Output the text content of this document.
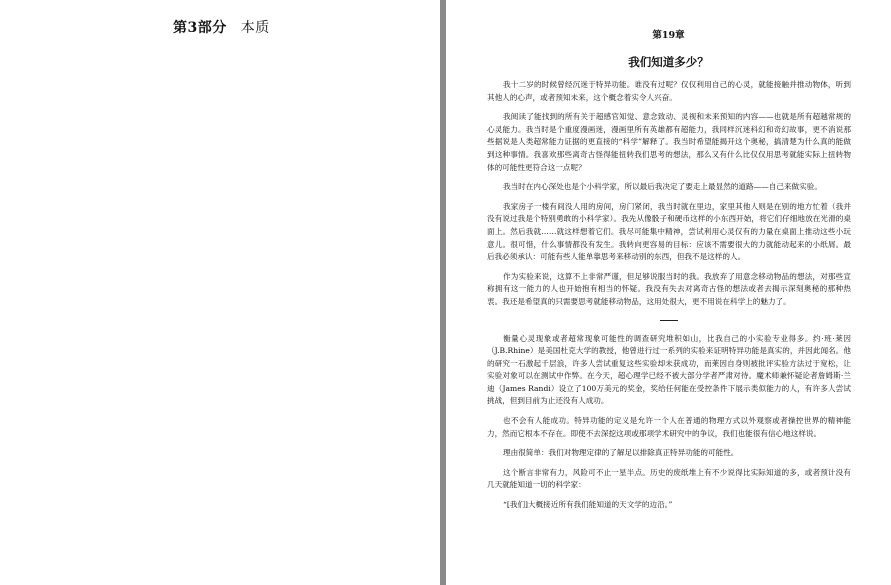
第3部分 本质	第19章
我们知道多少？

我十二岁的时候曾经沉迷于特异功能。谁没有过呢？仅仅利用自己的心灵，就能接触并推动物体，听到其他人的心声，或者预知未来，这个概念着实令人兴奋。

我阅读了能找到的所有关于超感官知觉、意念致动、灵视和未来预知的内容——也就是所有超越常规的心灵能力。我当时是个重度漫画迷，漫画里所有英雄都有超能力，我同样沉迷科幻和奇幻故事，更不消说那些据说是人类超常能力证据的更直接的“科学”解释了。我当时希望能揭开这个奥秘，搞清楚为什么真的能做到这种事情。我喜欢那些离奇古怪得能扭转我们思考的想法，那么又有什么比仅仅用思考就能实际上扭转物体的可能性更符合这一点呢？

我当时在内心深处也是个小科学家，所以最后我决定了要走上最显然的道路——自己来做实验。

我家房子一楼有间没人用的房间，房门紧闭，我当时就在里边，家里其他人则是在别的地方忙着（我并没有说过我是个特别勇敢的小科学家）。我先从像骰子和硬币这样的小东西开始，将它们仔细地放在光滑的桌面上。然后我就……就这样想着它们。我尽可能集中精神，尝试利用心灵仅有的力量在桌面上推动这些小玩意儿。很可惜，什么事情都没有发生。我转向更容易的目标：应该不需要很大的力就能动起来的小纸屑。最后我必须承认：可能有些人能单靠思考来移动别的东西，但我不是这样的人。

作为实验来说，这算不上非常严谨，但足够说服当时的我。我放弃了用意念移动物品的想法，对那些宣称拥有这一能力的人也开始抱有相当的怀疑。我没有失去对离奇古怪的想法或者去揭示深刻奥秘的那种热衷。我还是希望真的只需要思考就能移动物品，这用处很大，更不用说在科学上的魅力了。

衡量心灵现象或者超常现象可能性的调查研究堆积如山，比我自己的小实验专业得多。约·班·莱因（J.B.Rhine）是美国杜克大学的教授，他曾进行过一系列的实验来证明特异功能是真实的，并因此闻名。他的研究一石激起千层浪，许多人尝试重复这些实验却未获成功，而莱因自身则被批评实验方法过于宽松，让实验对象可以在测试中作弊。在今天，超心理学已经不被大部分学者严肃对待。魔术师兼怀疑论者詹姆斯·兰迪（James Randi）设立了100万美元的奖金，奖给任何能在受控条件下展示类似能力的人，有许多人尝试挑战，但到目前为止还没有人成功。

也不会有人能成功。特异功能的定义是允许一个人在普通的物理方式以外观察或者操控世界的精神能力，然而它根本不存在。即使不去深挖这项或那项学术研究中的争议，我们也能很有信心地这样说。

理由很简单：我们对物理定律的了解足以排除真正特异功能的可能性。

这个断言非常有力，风险可不止一星半点。历史的废纸堆上有不少说得比实际知道的多，或者预计没有几天就能知道一切的科学家：

“[我们]大概接近所有我们能知道的天文学的边沿。”
